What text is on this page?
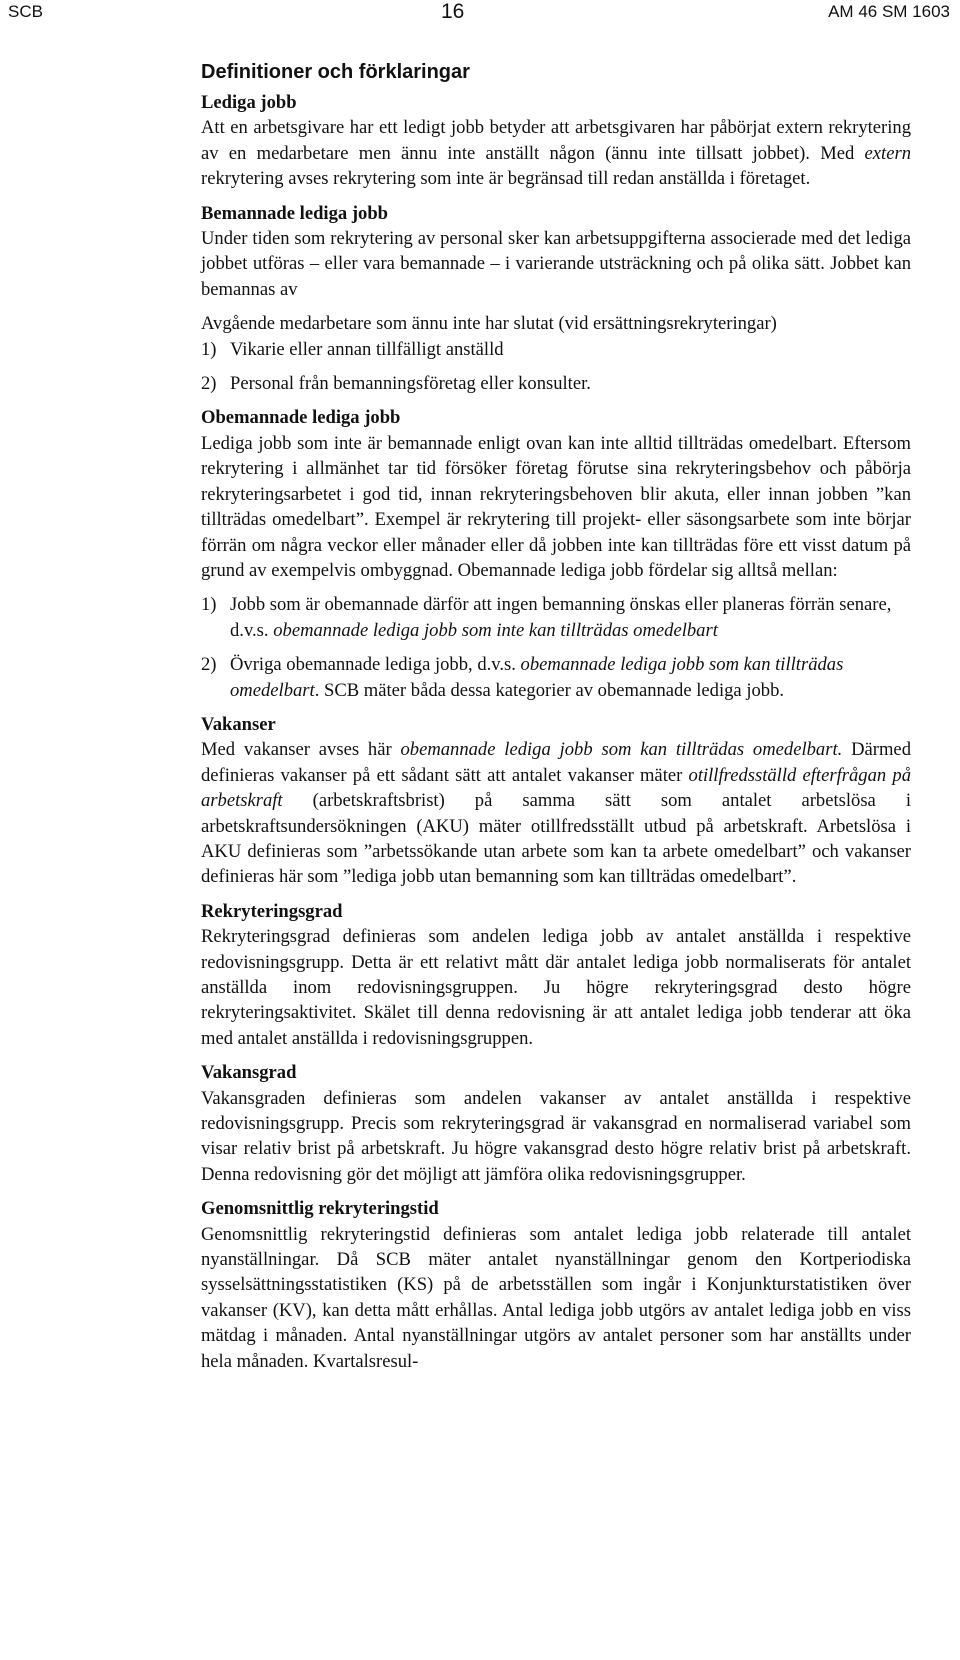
SCB	16	AM 46 SM 1603
Definitioner och förklaringar
Lediga jobb

Att en arbetsgivare har ett ledigt jobb betyder att arbetsgivaren har påbörjat extern rekrytering av en medarbetare men ännu inte anställt någon (ännu inte tillsatt jobbet). Med extern rekrytering avses rekrytering som inte är begränsad till redan anställda i företaget.

Bemannade lediga jobb

Under tiden som rekrytering av personal sker kan arbetsuppgifterna associerade med det lediga jobbet utföras – eller vara bemannade – i varierande utsträckning och på olika sätt. Jobbet kan bemannas av

Avgående medarbetare som ännu inte har slutat (vid ersättningsrekryteringar)

1) Vikarie eller annan tillfälligt anställd
2) Personal från bemanningsföretag eller konsulter.
Obemannade lediga jobb

Lediga jobb som inte är bemannade enligt ovan kan inte alltid tillträdas omedelbart. Eftersom rekrytering i allmänhet tar tid försöker företag förutse sina rekryteringsbehov och påbörja rekryteringsarbetet i god tid, innan rekryteringsbehoven blir akuta, eller innan jobben ”kan tillträdas omedelbart”. Exempel är rekrytering till projekt- eller säsongsarbete som inte börjar förrän om några veckor eller månader eller då jobben inte kan tillträdas före ett visst datum på grund av exempelvis ombyggnad. Obemannade lediga jobb fördelar sig alltså mellan:

1) Jobb som är obemannade därför att ingen bemanning önskas eller planeras förrän senare, d.v.s. obemannade lediga jobb som inte kan tillträdas omedelbart
2) Övriga obemannade lediga jobb, d.v.s. obemannade lediga jobb som kan tillträdas omedelbart. SCB mäter båda dessa kategorier av obemannade lediga jobb.
Vakanser

Med vakanser avses här obemannade lediga jobb som kan tillträdas omedelbart. Därmed definieras vakanser på ett sådant sätt att antalet vakanser mäter otillfredsställd efterfrågan på arbetskraft (arbetskraftsbrist) på samma sätt som antalet arbetslösa i arbetskraftsundersökningen (AKU) mäter otillfredsställt utbud på arbetskraft. Arbetslösa i AKU definieras som ”arbetssökande utan arbete som kan ta arbete omedelbart” och vakanser definieras här som ”lediga jobb utan bemanning som kan tillträdas omedelbart”.

Rekryteringsgrad

Rekryteringsgrad definieras som andelen lediga jobb av antalet anställda i respektive redovisningsgrupp. Detta är ett relativt mått där antalet lediga jobb normaliserats för antalet anställda inom redovisningsgruppen. Ju högre rekryteringsgrad desto högre rekryteringsaktivitet. Skälet till denna redovisning är att antalet lediga jobb tenderar att öka med antalet anställda i redovisningsgruppen.

Vakansgrad

Vakansgraden definieras som andelen vakanser av antalet anställda i respektive redovisningsgrupp. Precis som rekryteringsgrad är vakansgrad en normaliserad variabel som visar relativ brist på arbetskraft. Ju högre vakansgrad desto högre relativ brist på arbetskraft. Denna redovisning gör det möjligt att jämföra olika redovisningsgrupper.

Genomsnittlig rekryteringstid

Genomsnittlig rekryteringstid definieras som antalet lediga jobb relaterade till antalet nyanställningar. Då SCB mäter antalet nyanställningar genom den Kortperiodiska sysselsättningsstatistiken (KS) på de arbetsställen som ingår i Konjunkturstatistiken över vakanser (KV), kan detta mått erhållas. Antal lediga jobb utgörs av antalet lediga jobb en viss mätdag i månaden. Antal nyanställningar utgörs av antalet personer som har anställts under hela månaden. Kvartalsresul-
